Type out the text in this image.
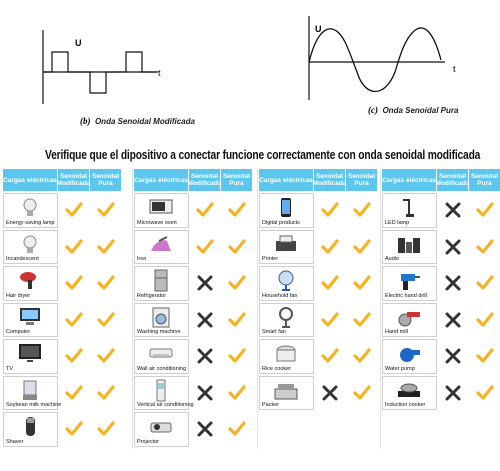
U
t
(b) Onda Senoidal Modificada
U
t
(c) Onda Senoidal Pura
Verifique que el dipositivo a conectar funcione correctamente con onda senoidal modificada
Cargas eléctricas Senoidal Modificada
Senoidal Pura
Energy-saving lamp
Incandescent
Hair dryer
Computer
TV
Soybean milk machine
Shaver
Cargas eléctricas Senoidal Modificada
Senoidal Pura
Microwave oven
Iron
Refrigerator
Washing machine
Wall air conditioning
Vertical air conditioning
Projector
Cargas eléctricas Senoidal Modificada
Senoidal Pura
Digital products
Printer
Household fan
Smart fan
Rice cooker
Packer
Cargas eléctricas Senoidal Modificada
Senoidal Pura
LED lamp
Audio
Electric hand drill
Hand mill
Water pump
Induction cooker
